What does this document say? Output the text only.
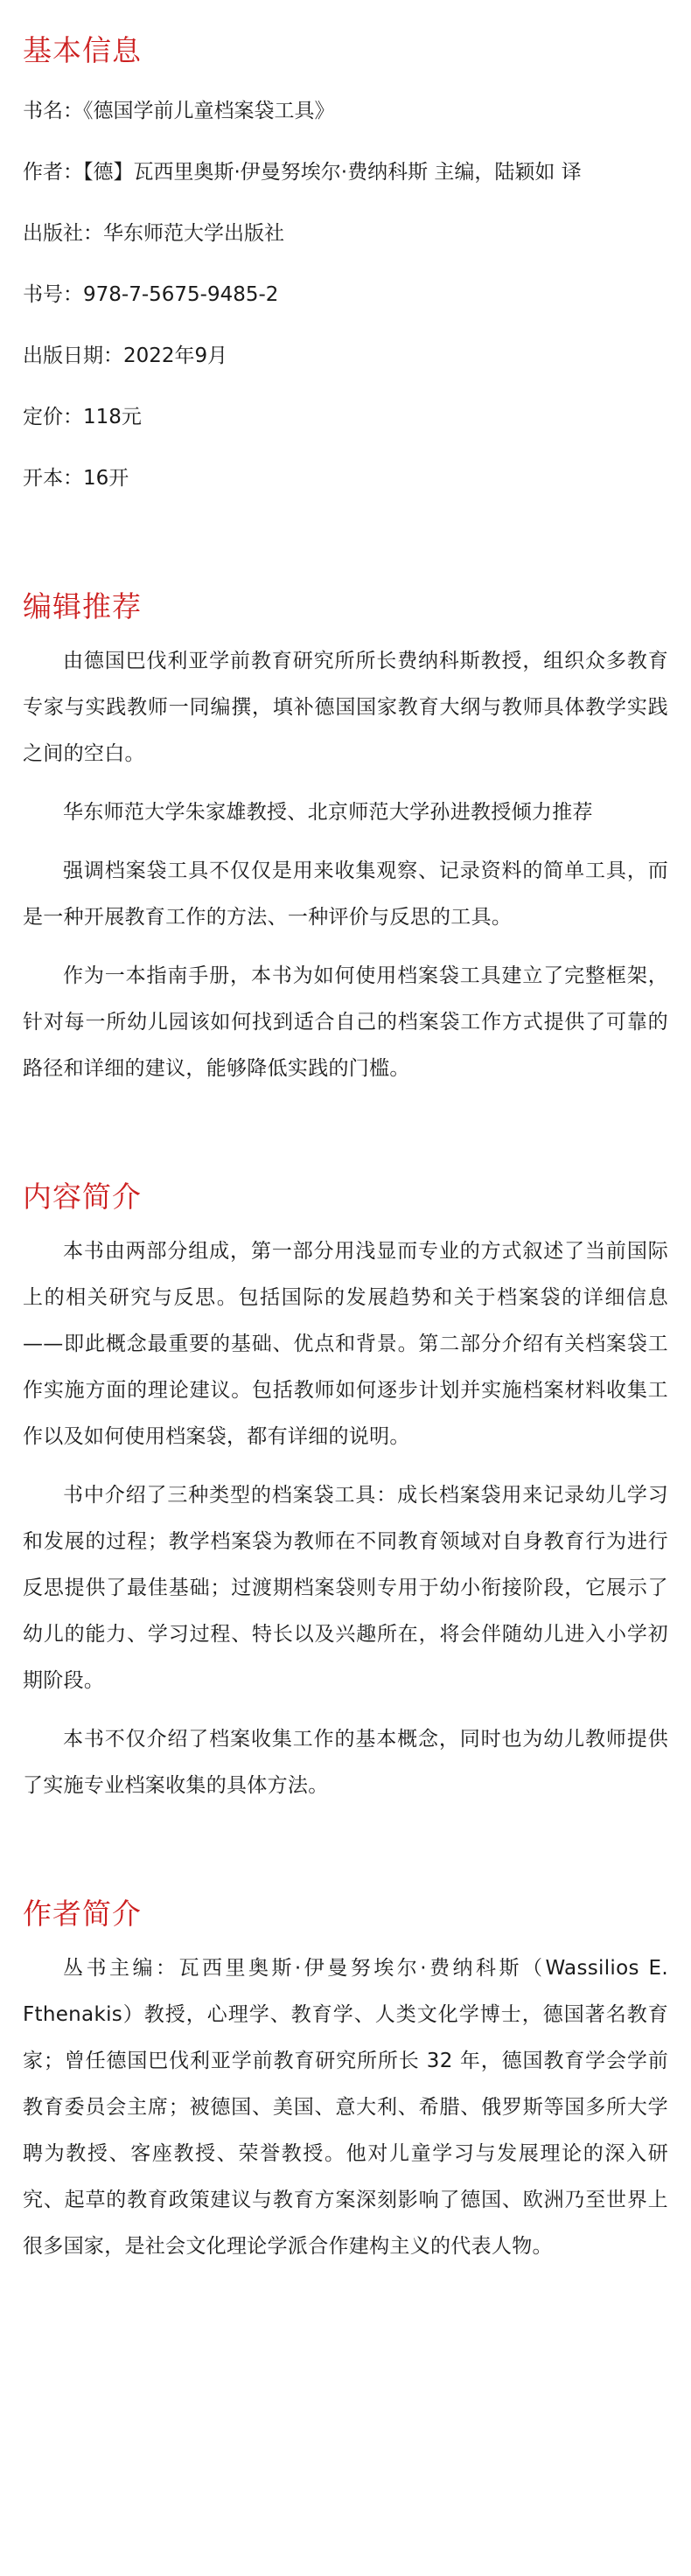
基本信息

书名：《德国学前儿童档案袋工具》

作者：【德】瓦西里奥斯·伊曼努埃尔·费纳科斯 主编，陆颖如 译

出版社：华东师范大学出版社

书号：978-7-5675-9485-2

出版日期：2022年9月

定价：118元

开本：16开

编辑推荐

由德国巴伐利亚学前教育研究所所长费纳科斯教授，组织众多教育专家与实践教师一同编撰，填补德国国家教育大纲与教师具体教学实践之间的空白。

华东师范大学朱家雄教授、北京师范大学孙进教授倾力推荐

强调档案袋工具不仅仅是用来收集观察、记录资料的简单工具，而是一种开展教育工作的方法、一种评价与反思的工具。

作为一本指南手册，本书为如何使用档案袋工具建立了完整框架，针对每一所幼儿园该如何找到适合自己的档案袋工作方式提供了可靠的路径和详细的建议，能够降低实践的门槛。

内容简介

本书由两部分组成，第一部分用浅显而专业的方式叙述了当前国际上的相关研究与反思。包括国际的发展趋势和关于档案袋的详细信息——即此概念最重要的基础、优点和背景。第二部分介绍有关档案袋工作实施方面的理论建议。包括教师如何逐步计划并实施档案材料收集工作以及如何使用档案袋，都有详细的说明。

书中介绍了三种类型的档案袋工具：成长档案袋用来记录幼儿学习和发展的过程；教学档案袋为教师在不同教育领域对自身教育行为进行反思提供了最佳基础；过渡期档案袋则专用于幼小衔接阶段，它展示了幼儿的能力、学习过程、特长以及兴趣所在，将会伴随幼儿进入小学初期阶段。

本书不仅介绍了档案收集工作的基本概念，同时也为幼儿教师提供了实施专业档案收集的具体方法。

作者简介

丛书主编：瓦西里奥斯·伊曼努埃尔·费纳科斯（Wassilios E. Fthenakis）教授，心理学、教育学、人类文化学博士，德国著名教育家；曾任德国巴伐利亚学前教育研究所所长 32 年，德国教育学会学前教育委员会主席；被德国、美国、意大利、希腊、俄罗斯等国多所大学聘为教授、客座教授、荣誉教授。他对儿童学习与发展理论的深入研究、起草的教育政策建议与教育方案深刻影响了德国、欧洲乃至世界上很多国家，是社会文化理论学派合作建构主义的代表人物。
